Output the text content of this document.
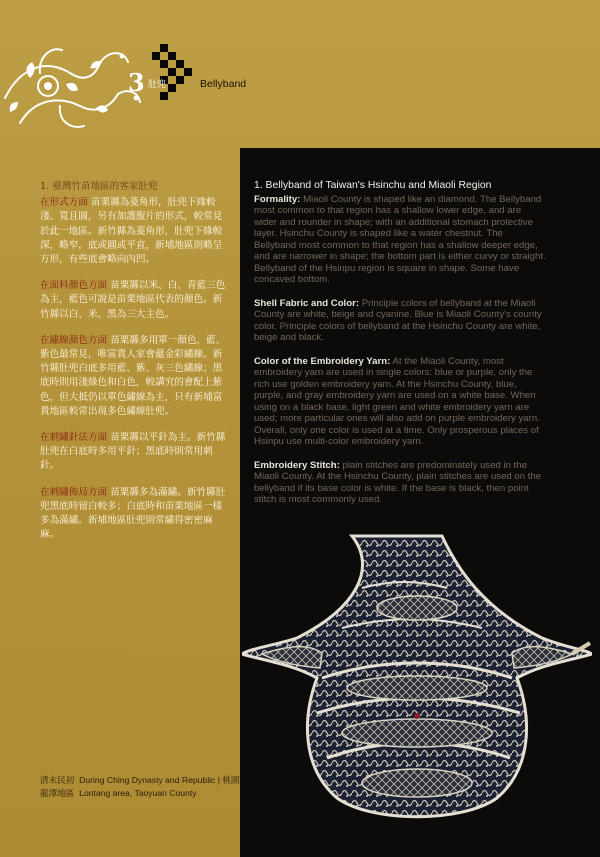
3 肚兜	Bellyband
1. 臺灣竹苗地區的客家肚兜

在形式方面 苗栗縣為菱角形，肚兜下緣較淺、寬且圓，另有加護腹片的形式，較常見於此一地區。新竹縣為菱角形，肚兜下緣較深，略窄，底或圓或平直，新埔地區則略呈方形，有些底會略向內凹。

在面料顏色方面 苗栗縣以米、白、青藍三色為主，藍色可說是苗栗地區代表的顏色。新竹縣以白、米、黑為三大主色。

在繡線顏色方面 苗栗縣多用單一顏色，藍、紫色最常見，唯富貴人家會蘊金彩繡線。新竹縣肚兜白底多用藍、紫、灰三色繡線；黑底時則用淺綠色和白色，較講究的會配上紫色，但大抵仍以單色繡線為主，只有新埔富貴地區較常出現多色繡線肚兜。

在刺繡針法方面 苗栗縣以平針為主。新竹縣肚兜在白底時多用平針；黑底時則常用刺針。

在刺繡佈局方面 苗栗縣多為滿繡。新竹縣肚兜黑底時留白較多；白底時和苗栗地區一樣多為滿繡。新埔地區肚兜則常繡得密密麻麻。

1. Bellyband of Taiwan's Hsinchu and Miaoli Region

Formality: Miaoli County is shaped like an diamond. The Bellyband most common to that region has a shallow lower edge, and are wider and rounder in shape; with an additional stomach protective layer. Hsinchu County is shaped like a water chestnut. The Bellyband most common to that region has a shallow deeper edge, and are narrower in shape; the bottom part is either curvy or straight. Bellyband of the Hsinpu region is square in shape. Some have concaved bottom.

Shell Fabric and Color: Principle colors of bellyband at the Miaoli County are white, beige and cyanine. Blue is Miaoli County's county color. Principle colors of bellyband at the Hsinchu County are white, beige and black.

Color of the Embroidery Yarn: At the Miaoli County, most embroidery yarn are used in single colors: blue or purple, only the rich use golden embroidery yarn. At the Hsinchu County, blue, purple, and gray embroidery yarn are used on a white base. When using on a black base, light green and white embroidery yarn are used; more particular ones will also add on purple embroidery yarn. Overall, only one color is used at a time. Only prosperous places of Hsinpu use multi-color embroidery yarn.

Embroidery Stitch: plain stitches are predominately used in the Miaoli County. At the Hsinchu County, plain stitches are used on the bellyband if its base color is white. If the base is black, then point stitch is most commonly used.

清末民初 During Ching Dynasty and Republic | 桃園
龍潭地區 Lontang area, Taoyuan County
